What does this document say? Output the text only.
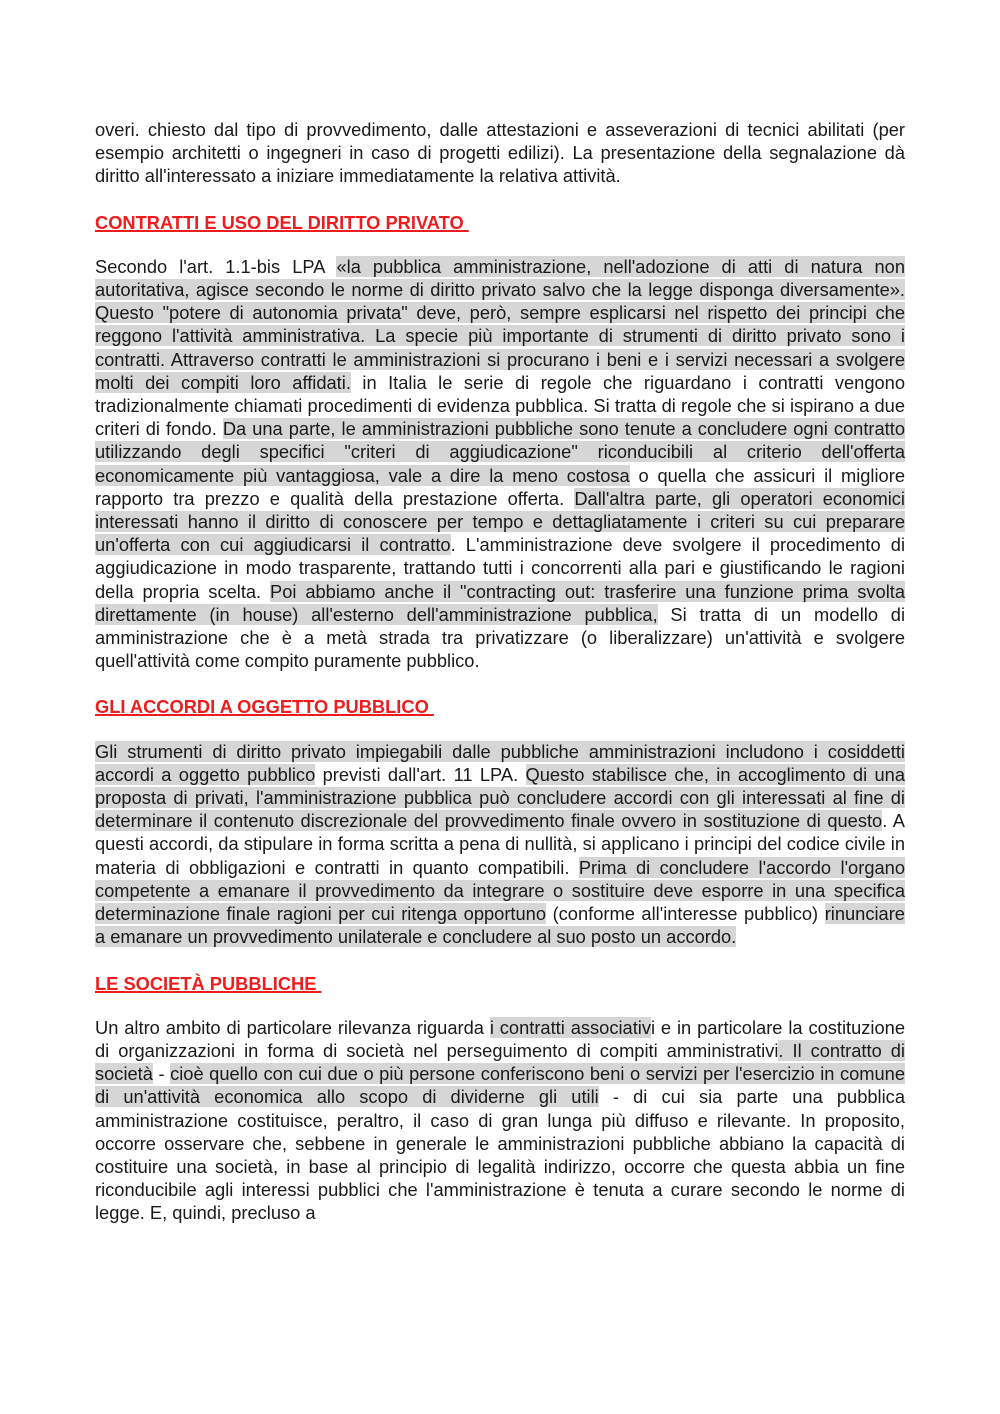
overi. chiesto dal tipo di provvedimento, dalle attestazioni e asseverazioni di tecnici abilitati (per esempio architetti o ingegneri in caso di progetti edilizi). La presentazione della segnalazione dà diritto all'interessato a iniziare immediatamente la relativa attività.

CONTRATTI E USO DEL DIRITTO PRIVATO

Secondo l'art. 1.1-bis LPA «la pubblica amministrazione, nell'adozione di atti di natura non autoritativa, agisce secondo le norme di diritto privato salvo che la legge disponga diversamente». Questo "potere di autonomia privata" deve, però, sempre esplicarsi nel rispetto dei principi che reggono l'attività amministrativa. La specie più importante di strumenti di diritto privato sono i contratti. Attraverso contratti le amministrazioni si procurano i beni e i servizi necessari a svolgere molti dei compiti loro affidati. in Italia le serie di regole che riguardano i contratti vengono tradizionalmente chiamati procedimenti di evidenza pubblica. Si tratta di regole che si ispirano a due criteri di fondo. Da una parte, le amministrazioni pubbliche sono tenute a concludere ogni contratto utilizzando degli specifici "criteri di aggiudicazione" riconducibili al criterio dell'offerta economicamente più vantaggiosa, vale a dire la meno costosa o quella che assicuri il migliore rapporto tra prezzo e qualità della prestazione offerta. Dall'altra parte, gli operatori economici interessati hanno il diritto di conoscere per tempo e dettagliatamente i criteri su cui preparare un'offerta con cui aggiudicarsi il contratto. L'amministrazione deve svolgere il procedimento di aggiudicazione in modo trasparente, trattando tutti i concorrenti alla pari e giustificando le ragioni della propria scelta. Poi abbiamo anche il "contracting out: trasferire una funzione prima svolta direttamente (in house) all'esterno dell'amministrazione pubblica, Si tratta di un modello di amministrazione che è a metà strada tra privatizzare (o liberalizzare) un'attività e svolgere quell'attività come compito puramente pubblico.

GLI ACCORDI A OGGETTO PUBBLICO

Gli strumenti di diritto privato impiegabili dalle pubbliche amministrazioni includono i cosiddetti accordi a oggetto pubblico previsti dall'art. 11 LPA. Questo stabilisce che, in accoglimento di una proposta di privati, l'amministrazione pubblica può concludere accordi con gli interessati al fine di determinare il contenuto discrezionale del provvedimento finale ovvero in sostituzione di questo. A questi accordi, da stipulare in forma scritta a pena di nullità, si applicano i principi del codice civile in materia di obbligazioni e contratti in quanto compatibili. Prima di concludere l'accordo l'organo competente a emanare il provvedimento da integrare o sostituire deve esporre in una specifica determinazione finale ragioni per cui ritenga opportuno (conforme all'interesse pubblico) rinunciare a emanare un provvedimento unilaterale e concludere al suo posto un accordo.

LE SOCIETÀ PUBBLICHE

Un altro ambito di particolare rilevanza riguarda i contratti associativi e in particolare la costituzione di organizzazioni in forma di società nel perseguimento di compiti amministrativi. Il contratto di società - cioè quello con cui due o più persone conferiscono beni o servizi per l'esercizio in comune di un'attività economica allo scopo di dividerne gli utili - di cui sia parte una pubblica amministrazione costituisce, peraltro, il caso di gran lunga più diffuso e rilevante. In proposito, occorre osservare che, sebbene in generale le amministrazioni pubbliche abbiano la capacità di costituire una società, in base al principio di legalità indirizzo, occorre che questa abbia un fine riconducibile agli interessi pubblici che l'amministrazione è tenuta a curare secondo le norme di legge. E, quindi, precluso a
